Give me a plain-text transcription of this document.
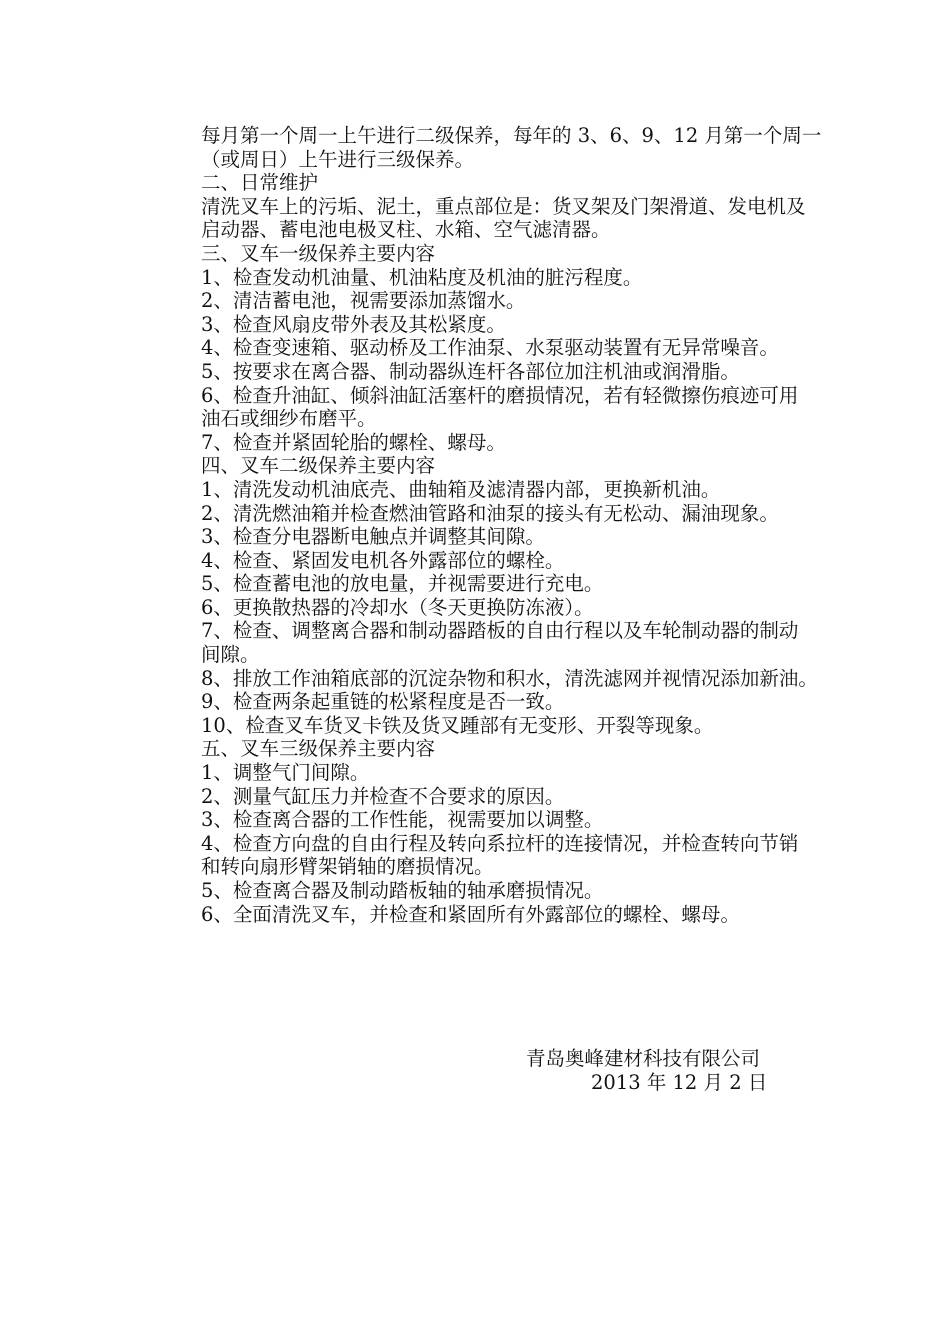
每月第一个周一上午进行二级保养，每年的 3、6、9、12 月第一个周一
（或周日）上午进行三级保养。
二、日常维护
清洗叉车上的污垢、泥土，重点部位是：货叉架及门架滑道、发电机及
启动器、蓄电池电极叉柱、水箱、空气滤清器。
三、叉车一级保养主要内容
1、检查发动机油量、机油粘度及机油的脏污程度。
2、清洁蓄电池，视需要添加蒸馏水。
3、检查风扇皮带外表及其松紧度。
4、检查变速箱、驱动桥及工作油泵、水泵驱动装置有无异常噪音。
5、按要求在离合器、制动器纵连杆各部位加注机油或润滑脂。
6、检查升油缸、倾斜油缸活塞杆的磨损情况，若有轻微擦伤痕迹可用
油石或细纱布磨平。
7、检查并紧固轮胎的螺栓、螺母。
四、叉车二级保养主要内容
1、清洗发动机油底壳、曲轴箱及滤清器内部，更换新机油。
2、清洗燃油箱并检查燃油管路和油泵的接头有无松动、漏油现象。
3、检查分电器断电触点并调整其间隙。
4、检查、紧固发电机各外露部位的螺栓。
5、检查蓄电池的放电量，并视需要进行充电。
6、更换散热器的冷却水（冬天更换防冻液）。
7、检查、调整离合器和制动器踏板的自由行程以及车轮制动器的制动
间隙。
8、排放工作油箱底部的沉淀杂物和积水，清洗滤网并视情况添加新油。
9、检查两条起重链的松紧程度是否一致。
10、检查叉车货叉卡铁及货叉踵部有无变形、开裂等现象。
五、叉车三级保养主要内容
1、调整气门间隙。
2、测量气缸压力并检查不合要求的原因。
3、检查离合器的工作性能，视需要加以调整。
4、检查方向盘的自由行程及转向系拉杆的连接情况，并检查转向节销
和转向扇形臂架销轴的磨损情况。
5、检查离合器及制动踏板轴的轴承磨损情况。
6、全面清洗叉车，并检查和紧固所有外露部位的螺栓、螺母。
青岛奥峰建材科技有限公司
2013 年 12 月 2 日
